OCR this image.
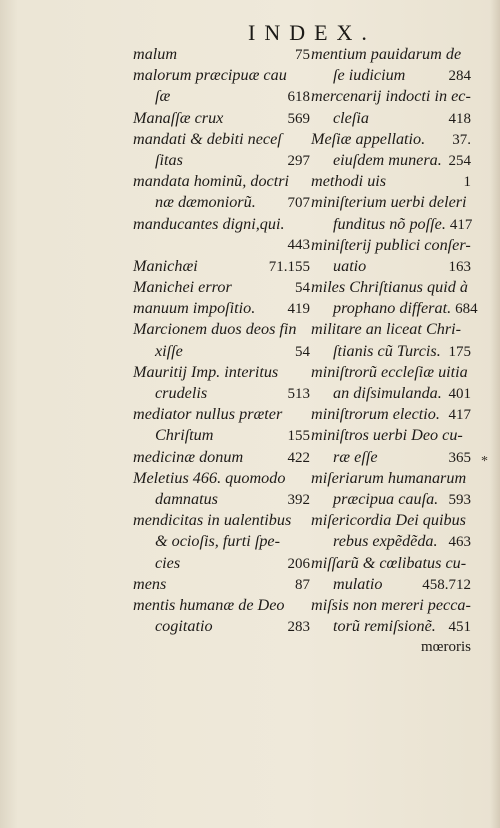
INDEX.
malum	75
malorum præcipuæ cau
ſæ	618
Manaſſæ crux	569
mandati & debiti neceſ
ſitas	297
mandata hominũ, doctri
næ dæmoniorũ. 707
manducantes digni,qui.
443
Manichæi	71.155
Manichei error	54
manuum impoſitio. 419
Marcionem duos deos fin
xiſſe	54
Mauritij Imp. interitus
crudelis	513
mediator nullus præter
Chriſtum	155
medicinæ donum	422
Meletius 466. quomodo
damnatus	392
mendicitas in ualentibus
& ocioſis, furti ſpe-
cies	206
mens	87
mentis humanæ de Deo
cogitatio	283
mentium pauidarum de
ſe iudicium	284
mercenarij indocti in ec-
cleſia	418
Meſiæ appellatio. 37.
eiuſdem munera. 254
methodi uis	1
miniſterium uerbi deleri
funditus nõ poſſe. 417
miniſterij publici conſer-
uatio	163
miles Chriſtianus quid à
prophano differat. 684
militare an liceat Chri-
ſtianis cũ Turcis. 175
miniſtrorũ eccleſiæ uitia
an diſsimulanda. 401
miniſtrorum electio. 417
miniſtros uerbi Deo cu-
ræ eſſe	365
miſeriarum humanarum
præcipua cauſa. 593
miſericordia Dei quibus
rebus expẽdẽda. 463
miſſarũ & cœlibatus cu-
mulatio	458.712
miſsis non mereri pecca-
torũ remiſsionẽ. 451
mœroris
*
